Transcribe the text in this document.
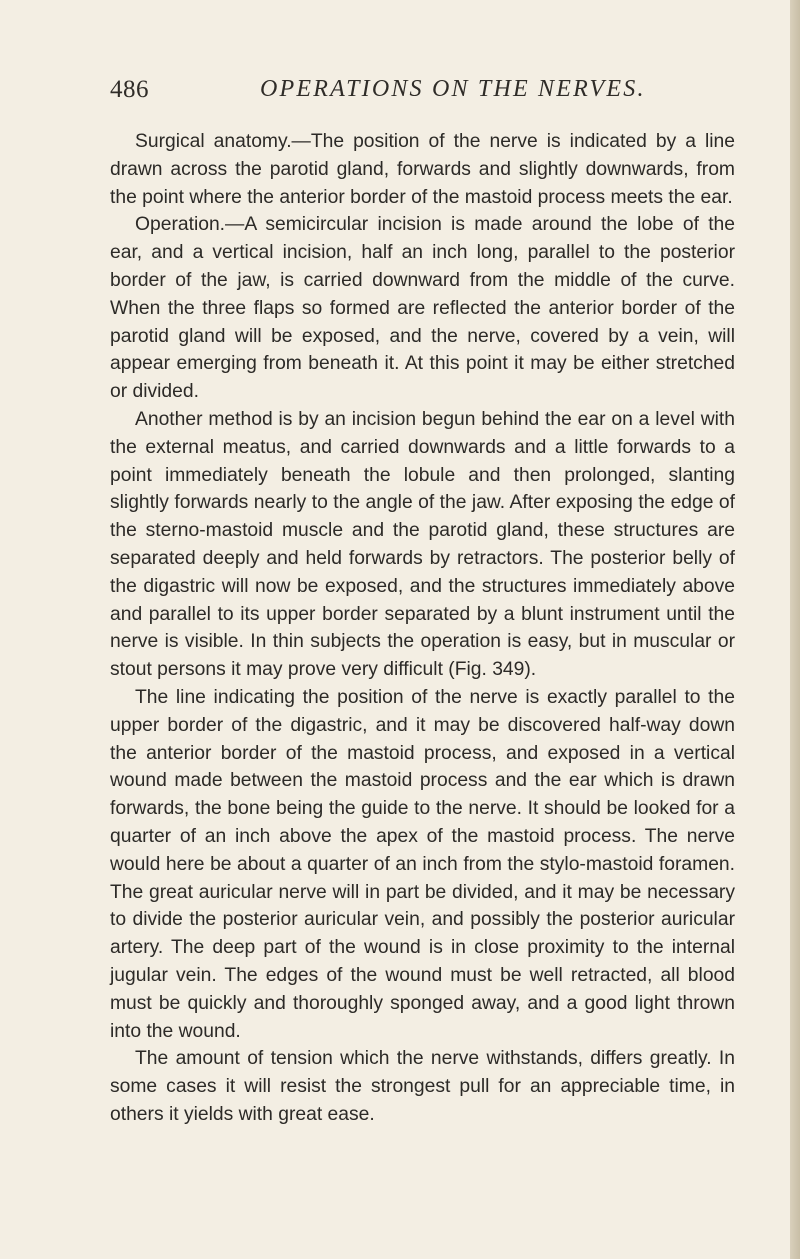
486	OPERATIONS ON THE NERVES.

Surgical anatomy.—The position of the nerve is indicated by a line drawn across the parotid gland, forwards and slightly downwards, from the point where the anterior border of the mastoid process meets the ear.

Operation.—A semicircular incision is made around the lobe of the ear, and a vertical incision, half an inch long, parallel to the posterior border of the jaw, is carried downward from the middle of the curve. When the three flaps so formed are reflected the anterior border of the parotid gland will be exposed, and the nerve, covered by a vein, will appear emerging from beneath it. At this point it may be either stretched or divided.

Another method is by an incision begun behind the ear on a level with the external meatus, and carried downwards and a little forwards to a point immediately beneath the lobule and then prolonged, slanting slightly forwards nearly to the angle of the jaw. After exposing the edge of the sterno-mastoid muscle and the parotid gland, these structures are separated deeply and held forwards by retractors. The posterior belly of the digastric will now be exposed, and the structures immediately above and parallel to its upper border separated by a blunt instrument until the nerve is visible. In thin subjects the operation is easy, but in muscular or stout persons it may prove very difficult (Fig. 349).

The line indicating the position of the nerve is exactly parallel to the upper border of the digastric, and it may be discovered half-way down the anterior border of the mastoid process, and exposed in a vertical wound made between the mastoid process and the ear which is drawn forwards, the bone being the guide to the nerve. It should be looked for a quarter of an inch above the apex of the mastoid process. The nerve would here be about a quarter of an inch from the stylo-mastoid foramen. The great auricular nerve will in part be divided, and it may be necessary to divide the posterior auricular vein, and possibly the posterior auricular artery. The deep part of the wound is in close proximity to the internal jugular vein. The edges of the wound must be well retracted, all blood must be quickly and thoroughly sponged away, and a good light thrown into the wound.

The amount of tension which the nerve withstands, differs greatly. In some cases it will resist the strongest pull for an appreciable time, in others it yields with great ease.
